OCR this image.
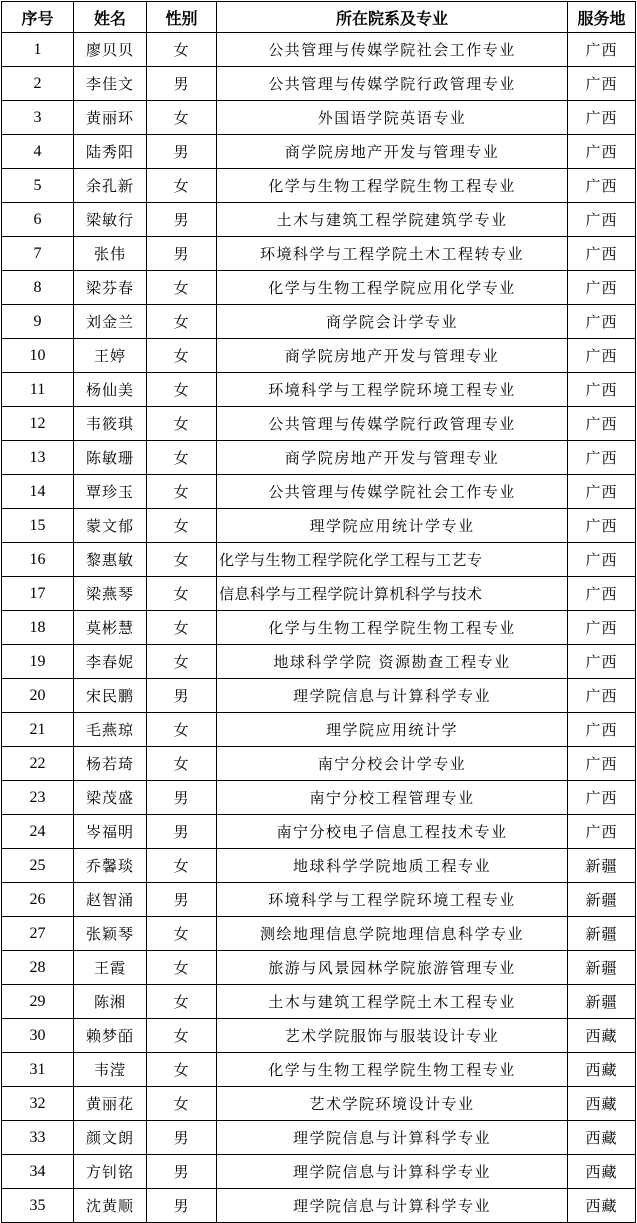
序号	姓名	性别	所在院系及专业	服务地
1	廖贝贝	女	公共管理与传媒学院社会工作专业	广西
2	李佳文	男	公共管理与传媒学院行政管理专业	广西
3	黄丽环	女	外国语学院英语专业	广西
4	陆秀阳	男	商学院房地产开发与管理专业	广西
5	余孔新	女	化学与生物工程学院生物工程专业	广西
6	梁敏行	男	土木与建筑工程学院建筑学专业	广西
7	张伟	男	环境科学与工程学院土木工程转专业	广西
8	梁芬春	女	化学与生物工程学院应用化学专业	广西
9	刘金兰	女	商学院会计学专业	广西
10	王婷	女	商学院房地产开发与管理专业	广西
11	杨仙美	女	环境科学与工程学院环境工程专业	广西
12	韦筱琪	女	公共管理与传媒学院行政管理专业	广西
13	陈敏珊	女	商学院房地产开发与管理专业	广西
14	覃珍玉	女	公共管理与传媒学院社会工作专业	广西
15	蒙文郁	女	理学院应用统计学专业	广西
16	黎惠敏	女	化学与生物工程学院化学工程与工艺专	广西
17	梁燕琴	女	信息科学与工程学院计算机科学与技术	广西
18	莫彬慧	女	化学与生物工程学院生物工程专业	广西
19	李春妮	女	地球科学学院 资源勘查工程专业	广西
20	宋民鹏	男	理学院信息与计算科学专业	广西
21	毛燕琼	女	理学院应用统计学	广西
22	杨若琦	女	南宁分校会计学专业	广西
23	梁茂盛	男	南宁分校工程管理专业	广西
24	岑福明	男	南宁分校电子信息工程技术专业	广西
25	乔馨琰	女	地球科学学院地质工程专业	新疆
26	赵智涌	男	环境科学与工程学院环境工程专业	新疆
27	张颖琴	女	测绘地理信息学院地理信息科学专业	新疆
28	王霞	女	旅游与风景园林学院旅游管理专业	新疆
29	陈湘	女	土木与建筑工程学院土木工程专业	新疆
30	赖梦皕	女	艺术学院服饰与服装设计专业	西藏
31	韦滢	女	化学与生物工程学院生物工程专业	西藏
32	黄丽花	女	艺术学院环境设计专业	西藏
33	颜文朗	男	理学院信息与计算科学专业	西藏
34	方钊铭	男	理学院信息与计算科学专业	西藏
35	沈黄顺	男	理学院信息与计算科学专业	西藏
